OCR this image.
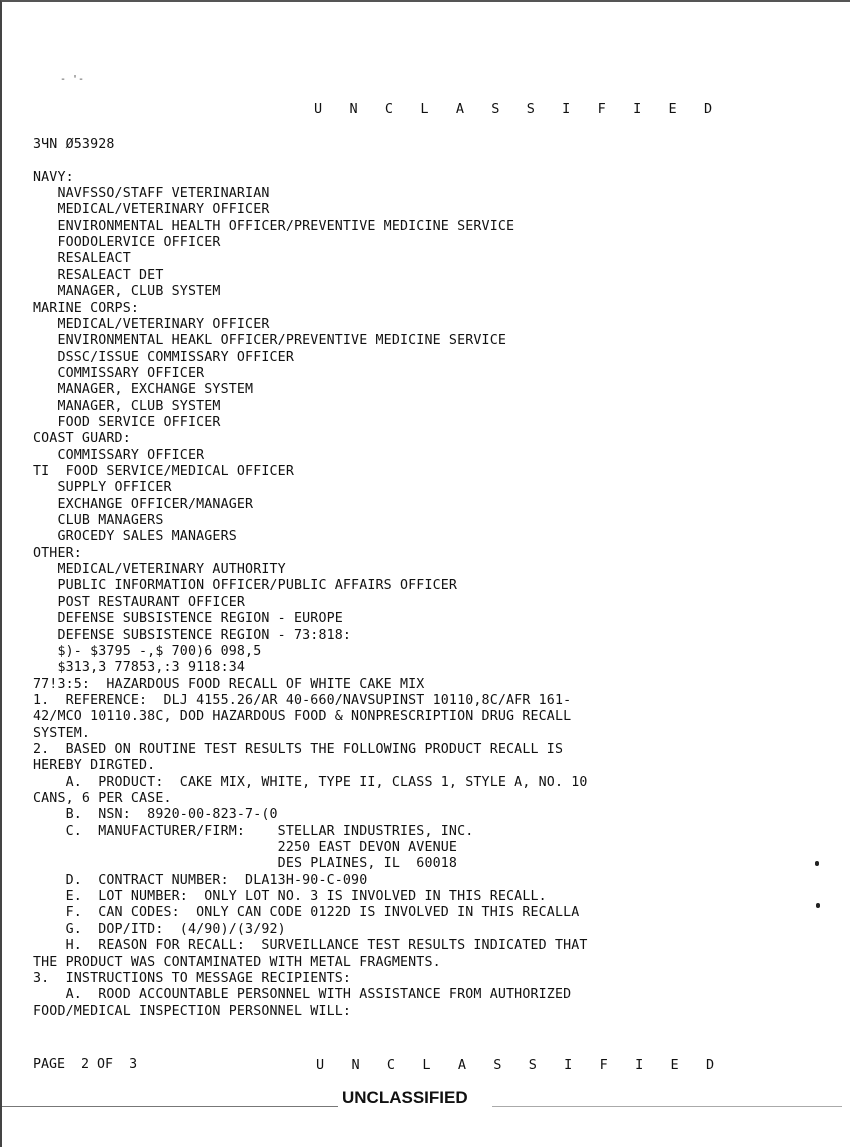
- '-
U N C L A S S I F I E D
3ЧN Ø53928
NAVY:
NAVFSSO/STAFF VETERINARIAN
MEDICAL/VETERINARY OFFICER
ENVIRONMENTAL HEALTH OFFICER/PREVENTIVE MEDICINE SERVICE
FOODOLERVICE OFFICER
RESALEACT
RESALEACT DET
MANAGER, CLUB SYSTEM
MARINE CORPS:
MEDICAL/VETERINARY OFFICER
ENVIRONMENTAL HEAKL OFFICER/PREVENTIVE MEDICINE SERVICE
DSSC/ISSUE COMMISSARY OFFICER
COMMISSARY OFFICER
MANAGER, EXCHANGE SYSTEM
MANAGER, CLUB SYSTEM
FOOD SERVICE OFFICER
COAST GUARD:
COMMISSARY OFFICER
TI  FOOD SERVICE/MEDICAL OFFICER
SUPPLY OFFICER
EXCHANGE OFFICER/MANAGER
CLUB MANAGERS
GROCEDY SALES MANAGERS
OTHER:
MEDICAL/VETERINARY AUTHORITY
PUBLIC INFORMATION OFFICER/PUBLIC AFFAIRS OFFICER
POST RESTAURANT OFFICER
DEFENSE SUBSISTENCE REGION - EUROPE
DEFENSE SUBSISTENCE REGION - 73:818:
$)- $3795 -,$ 700)6 098,5
$313,3 77853,:3 9118:34
77!3:5:  HAZARDOUS FOOD RECALL OF WHITE CAKE MIX
1.  REFERENCE:  DLJ 4155.26/AR 40-660/NAVSUPINST 10110,8C/AFR 161-
42/MCO 10110.38C, DOD HAZARDOUS FOOD & NONPRESCRIPTION DRUG RECALL
SYSTEM.
2.  BASED ON ROUTINE TEST RESULTS THE FOLLOWING PRODUCT RECALL IS
HEREBY DIRGTED.
A.  PRODUCT:  CAKE MIX, WHITE, TYPE II, CLASS 1, STYLE A, NO. 10
CANS, 6 PER CASE.
B.  NSN:  8920-00-823-7-(0
C.  MANUFACTURER/FIRM:    STELLAR INDUSTRIES, INC.
2250 EAST DEVON AVENUE
DES PLAINES, IL  60018
D.  CONTRACT NUMBER:  DLA13H-90-C-090
E.  LOT NUMBER:  ONLY LOT NO. 3 IS INVOLVED IN THIS RECALL.
F.  CAN CODES:  ONLY CAN CODE 0122D IS INVOLVED IN THIS RECALLA
G.  DOP/ITD:  (4/90)/(3/92)
H.  REASON FOR RECALL:  SURVEILLANCE TEST RESULTS INDICATED THAT
THE PRODUCT WAS CONTAMINATED WITH METAL FRAGMENTS.
3.  INSTRUCTIONS TO MESSAGE RECIPIENTS:
A.  ROOD ACCOUNTABLE PERSONNEL WITH ASSISTANCE FROM AUTHORIZED
FOOD/MEDICAL INSPECTION PERSONNEL WILL:
U N C L A S S I F I E D
PAGE  2 OF  3
UNCLASSIFIED
